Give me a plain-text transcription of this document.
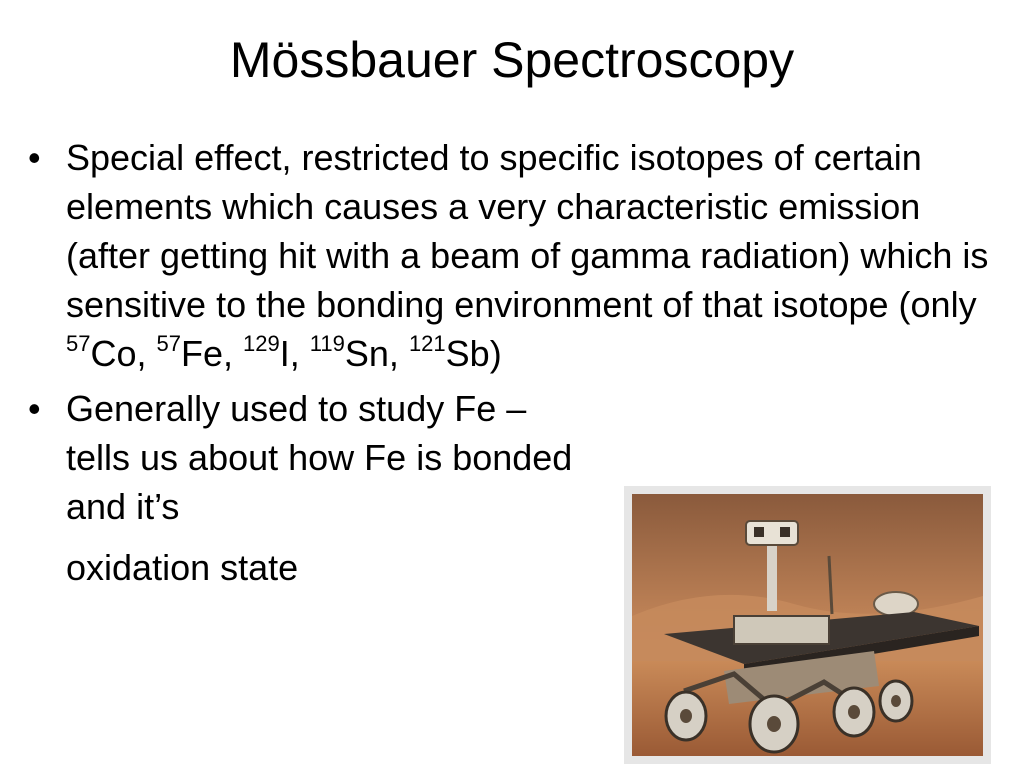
Mössbauer Spectroscopy
• Special effect, restricted to specific isotopes of certain elements which causes a very characteristic emission (after getting hit with a beam of gamma radiation) which is sensitive to the bonding environment of that isotope (only $^{57}$Co, $^{57}$Fe, $^{129}$I, $^{119}$Sn, $^{121}$Sb)
• Generally used to study Fe – tells us about how Fe is bonded and it’s
oxidation state
